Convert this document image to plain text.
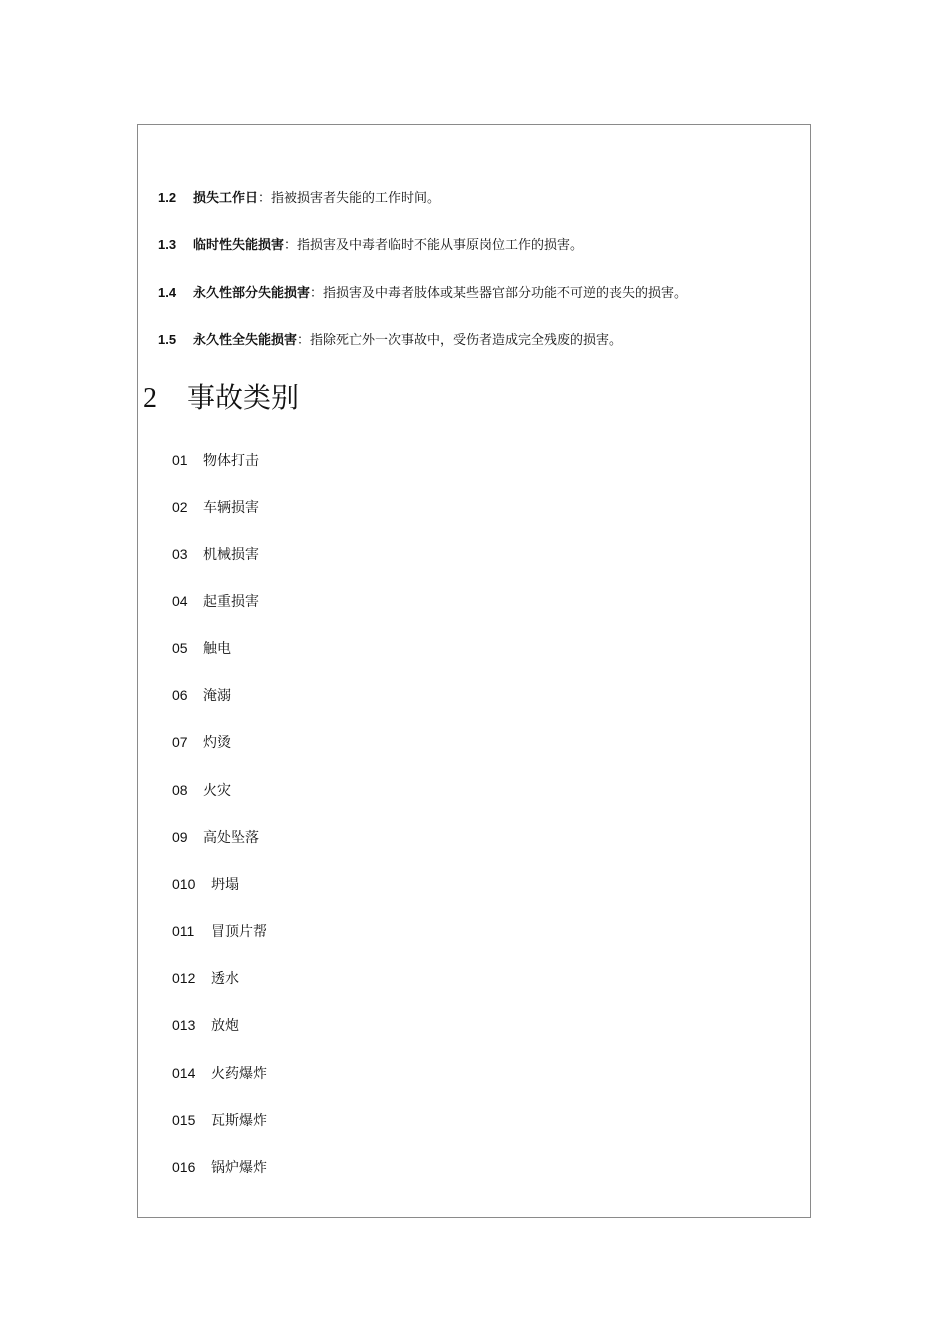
1.2 损失工作日：指被损害者失能的工作时间。
1.3 临时性失能损害：指损害及中毒者临时不能从事原岗位工作的损害。
1.4 永久性部分失能损害：指损害及中毒者肢体或某些器官部分功能不可逆的丧失的损害。
1.5 永久性全失能损害：指除死亡外一次事故中，受伤者造成完全残废的损害。
2 事故类别
01 物体打击
02 车辆损害
03 机械损害
04 起重损害
05 触电
06 淹溺
07 灼烫
08 火灾
09 高处坠落
010 坍塌
011 冒顶片帮
012 透水
013 放炮
014 火药爆炸
015 瓦斯爆炸
016 锅炉爆炸
